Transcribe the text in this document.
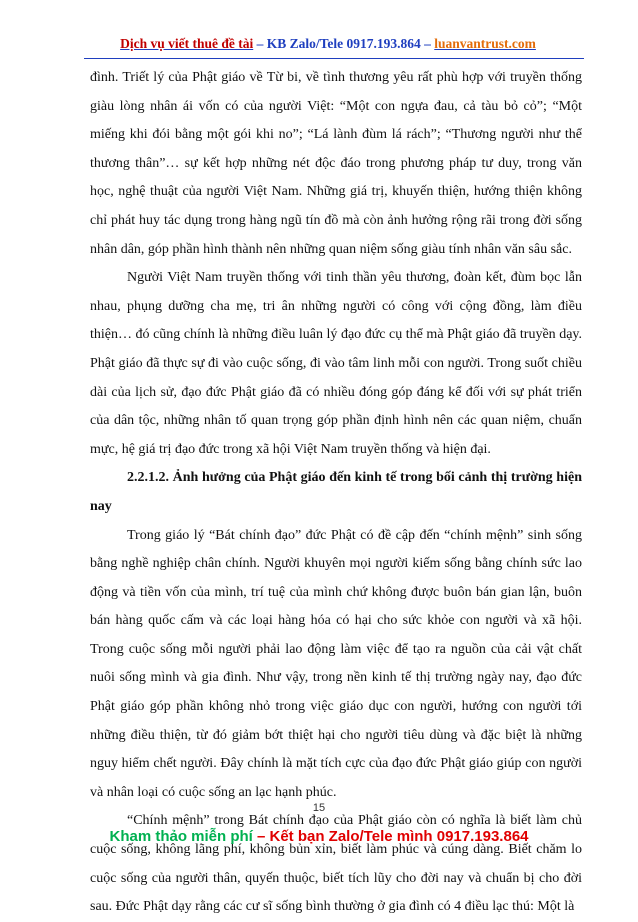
Dịch vụ viết thuê đề tài – KB Zalo/Tele 0917.193.864 – luanvantrust.com

đình. Triết lý của Phật giáo về Từ bi, về tình thương yêu rất phù hợp với truyền thống giàu lòng nhân ái vốn có của người Việt: “Một con ngựa đau, cả tàu bỏ cỏ”; “Một miếng khi đói bằng một gói khi no”; “Lá lành đùm lá rách”; “Thương người như thể thương thân”… sự kết hợp những nét độc đáo trong phương pháp tư duy, trong văn học, nghệ thuật của người Việt Nam. Những giá trị, khuyến thiện, hướng thiện không chỉ phát huy tác dụng trong hàng ngũ tín đồ mà còn ảnh hưởng rộng rãi trong đời sống nhân dân, góp phần hình thành nên những quan niệm sống giàu tính nhân văn sâu sắc.

Người Việt Nam truyền thống với tinh thần yêu thương, đoàn kết, đùm bọc lẫn nhau, phụng dưỡng cha mẹ, tri ân những người có công với cộng đồng, làm điều thiện… đó cũng chính là những điều luân lý đạo đức cụ thể mà Phật giáo đã truyền dạy. Phật giáo đã thực sự đi vào cuộc sống, đi vào tâm linh mỗi con người. Trong suốt chiều dài của lịch sử, đạo đức Phật giáo đã có nhiều đóng góp đáng kể đối với sự phát triển của dân tộc, những nhân tố quan trọng góp phần định hình nên các quan niệm, chuẩn mực, hệ giá trị đạo đức trong xã hội Việt Nam truyền thống và hiện đại.

2.2.1.2. Ảnh hưởng của Phật giáo đến kinh tế trong bối cảnh thị trường hiện nay

Trong giáo lý “Bát chính đạo” đức Phật có đề cập đến “chính mệnh” sinh sống bằng nghề nghiệp chân chính. Người khuyên mọi người kiếm sống bằng chính sức lao động và tiền vốn của mình, trí tuệ của mình chứ không được buôn bán gian lận, buôn bán hàng quốc cấm và các loại hàng hóa có hại cho sức khỏe con người và xã hội. Trong cuộc sống mỗi người phải lao động làm việc để tạo ra nguồn của cải vật chất nuôi sống mình và gia đình. Như vậy, trong nền kinh tế thị trường ngày nay, đạo đức Phật giáo góp phần không nhỏ trong việc giáo dục con người, hướng con người tới những điều thiện, từ đó giảm bớt thiệt hại cho người tiêu dùng và đặc biệt là những nguy hiểm chết người. Đây chính là mặt tích cực của đạo đức Phật giáo giúp con người và nhân loại có cuộc sống an lạc hạnh phúc.

“Chính mệnh” trong Bát chính đạo của Phật giáo còn có nghĩa là biết làm chủ cuộc sống, không lãng phí, không bủn xỉn, biết làm phúc và cúng dàng. Biết chăm lo cuộc sống của người thân, quyến thuộc, biết tích lũy cho đời nay và chuẩn bị cho đời sau. Đức Phật dạy rằng các cư sĩ sống bình thường ở gia đình có 4 điều lạc thú: Một là

15
Kham thảo miễn phí – Kết bạn Zalo/Tele mình 0917.193.864
